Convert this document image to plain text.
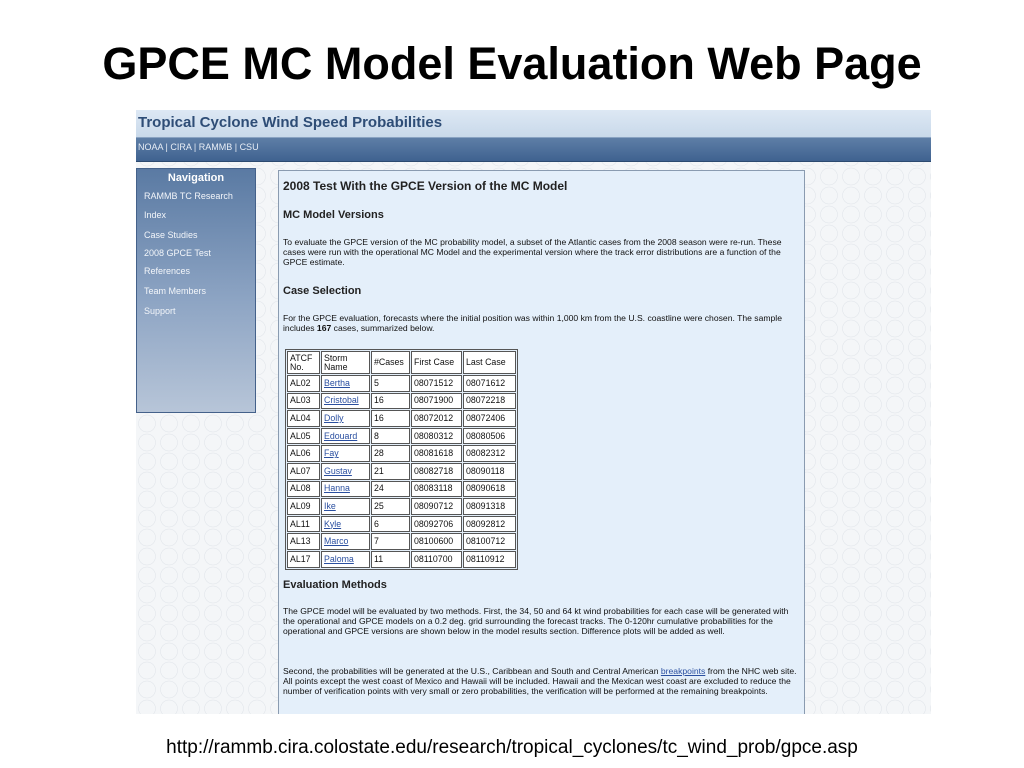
GPCE MC Model Evaluation Web Page
Tropical Cyclone Wind Speed Probabilities
NOAA | CIRA | RAMMB | CSU
Navigation
RAMMB TC Research
Index
Case Studies
2008 GPCE Test
References
Team Members
Support
2008 Test With the GPCE Version of the MC Model
MC Model Versions

To evaluate the GPCE version of the MC probability model, a subset of the Atlantic cases from the 2008 season were re-run. These cases were run with the operational MC Model and the experimental version where the track error distributions are a function of the GPCE estimate.

Case Selection

For the GPCE evaluation, forecasts where the initial position was within 1,000 km from the U.S. coastline were chosen. The sample includes 167 cases, summarized below.

ATCF No.	Storm Name	#Cases	First Case	Last Case
AL02	Bertha	5	08071512	08071612
AL03	Cristobal	16	08071900	08072218
AL04	Dolly	16	08072012	08072406
AL05	Edouard	8	08080312	08080506
AL06	Fay	28	08081618	08082312
AL07	Gustav	21	08082718	08090118
AL08	Hanna	24	08083118	08090618
AL09	Ike	25	08090712	08091318
AL11	Kyle	6	08092706	08092812
AL13	Marco	7	08100600	08100712
AL17	Paloma	11	08110700	08110912
Evaluation Methods

The GPCE model will be evaluated by two methods. First, the 34, 50 and 64 kt wind probabilities for each case will be generated with the operational and GPCE models on a 0.2 deg. grid surrounding the forecast tracks. The 0-120hr cumulative probabilities for the operational and GPCE versions are shown below in the model results section. Difference plots will be added as well.

Second, the probabilities will be generated at the U.S., Caribbean and South and Central American breakpoints from the NHC web site. All points except the west coast of Mexico and Hawaii will be included. Hawaii and the Mexican west coast are excluded to reduce the number of verification points with very small or zero probabilities, the verification will be performed at the remaining breakpoints.

http://rammb.cira.colostate.edu/research/tropical_cyclones/tc_wind_prob/gpce.asp
